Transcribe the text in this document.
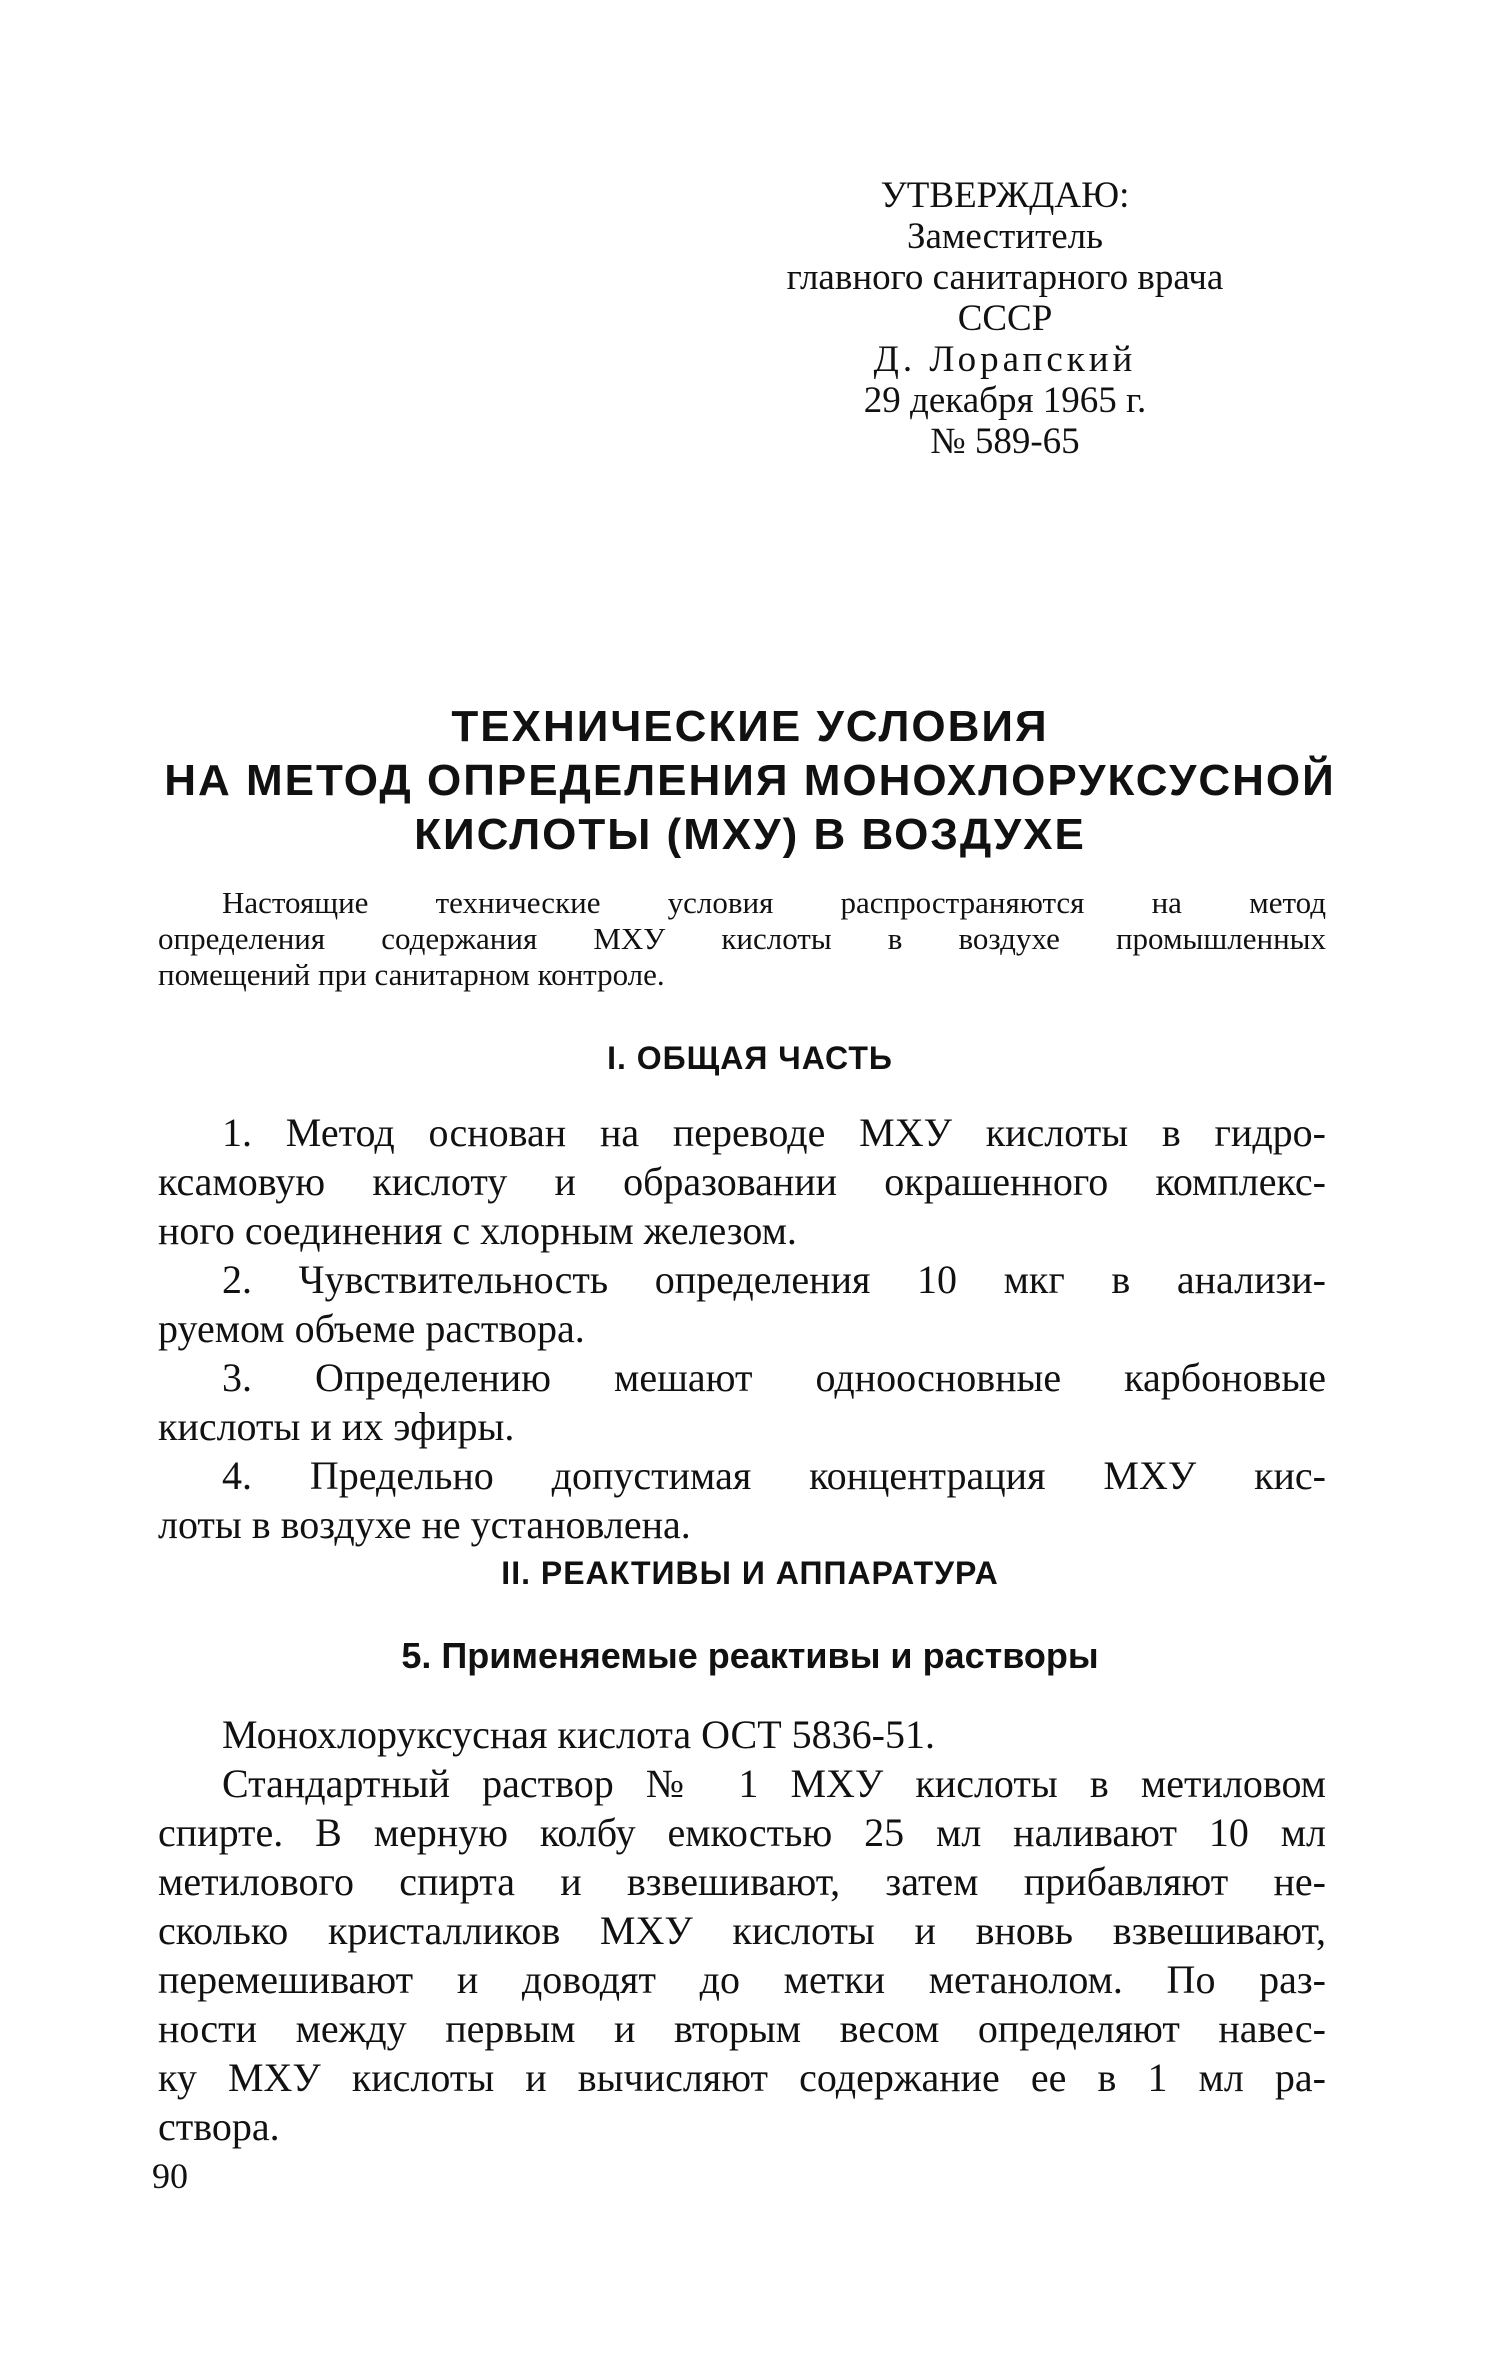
УТВЕРЖДАЮ:
Заместитель
главного санитарного врача
СССР
Д. Лорапский
29 декабря 1965 г.
№ 589-65
ТЕХНИЧЕСКИЕ УСЛОВИЯ
НА МЕТОД ОПРЕДЕЛЕНИЯ МОНОХЛОРУКСУСНОЙ
КИСЛОТЫ (МХУ) В ВОЗДУХЕ
Настоящие технические условия распространяются на метод
определения содержания МХУ кислоты в воздухе промышленных
помещений при санитарном контроле.
I. ОБЩАЯ ЧАСТЬ
1. Метод основан на переводе МХУ кислоты в гидро-
ксамовую кислоту и образовании окрашенного комплекс-
ного соединения с хлорным железом.
2. Чувствительность определения 10 мкг в анализи-
руемом объеме раствора.
3. Определению мешают одноосновные карбоновые
кислоты и их эфиры.
4. Предельно допустимая концентрация МХУ кис-
лоты в воздухе не установлена.
II. РЕАКТИВЫ И АППАРАТУРА
5. Применяемые реактивы и растворы
Монохлоруксусная кислота ОСТ 5836-51.
Стандартный раствор № 1 МХУ кислоты в метиловом
спирте. В мерную колбу емкостью 25 мл наливают 10 мл
метилового спирта и взвешивают, затем прибавляют не-
сколько кристалликов МХУ кислоты и вновь взвешивают,
перемешивают и доводят до метки метанолом. По раз-
ности между первым и вторым весом определяют навес-
ку МХУ кислоты и вычисляют содержание ее в 1 мл ра-
створа.
90
